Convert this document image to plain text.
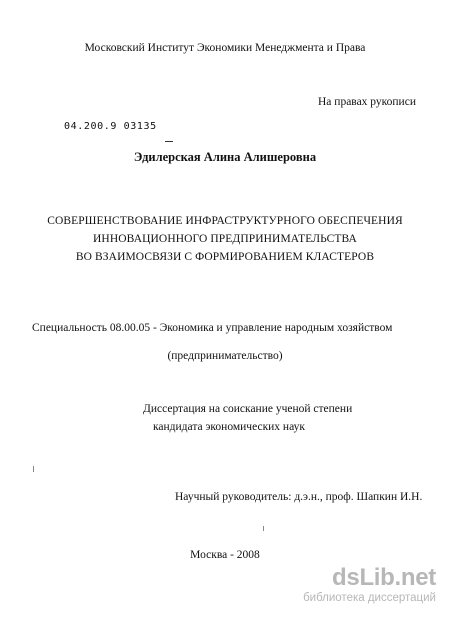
Московский Институт Экономики Менеджмента и Права
На правах рукописи
04.200.9 03135
Эдилерская Алина Алишеровна
СОВЕРШЕНСТВОВАНИЕ ИНФРАСТРУКТУРНОГО ОБЕСПЕЧЕНИЯ
ИННОВАЦИОННОГО ПРЕДПРИНИМАТЕЛЬСТВА
ВО ВЗАИМОСВЯЗИ С ФОРМИРОВАНИЕМ КЛАСТЕРОВ
Специальность 08.00.05 - Экономика и управление народным хозяйством
(предпринимательство)
Диссертация на соискание ученой степени
кандидата экономических наук
Научный руководитель: д.э.н., проф. Шапкин И.Н.
Москва - 2008
dsLib.net
библиотека диссертаций
